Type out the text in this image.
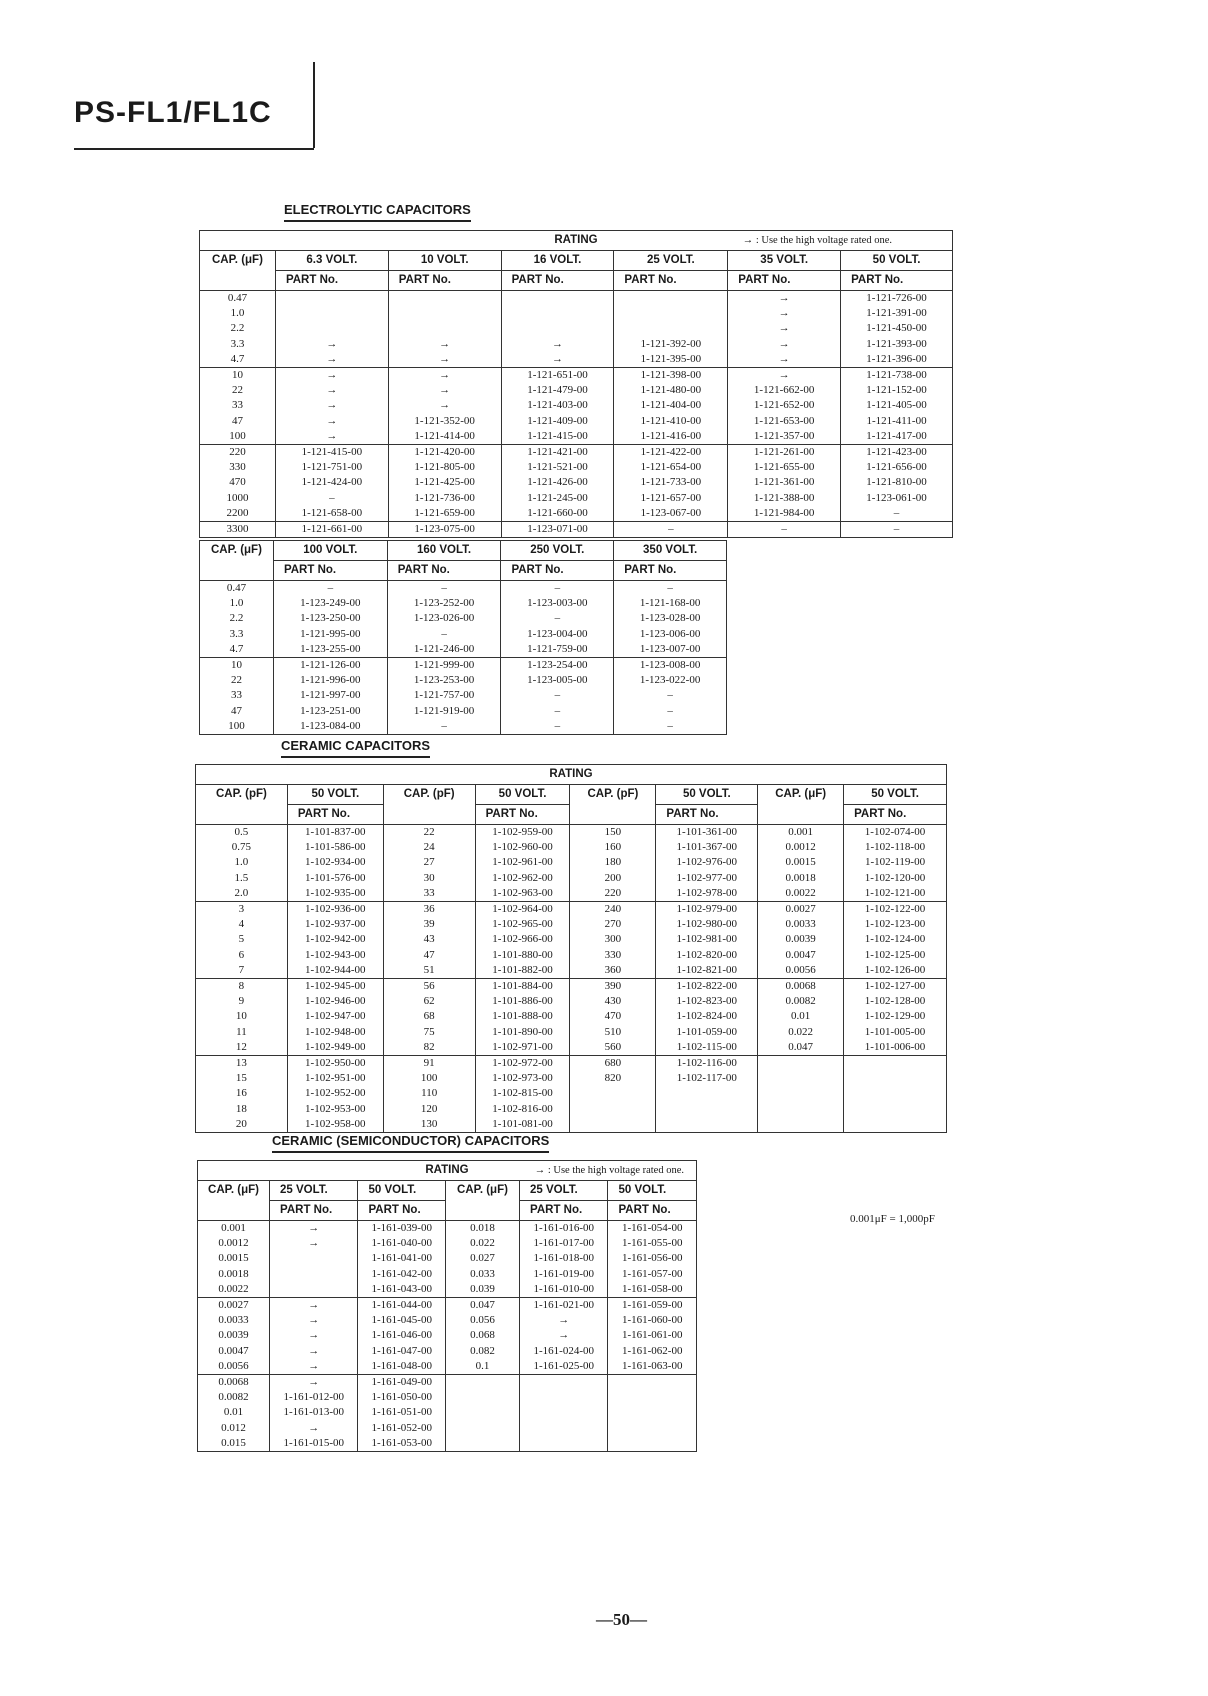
PS-FL1/FL1C
ELECTROLYTIC CAPACITORS
RATING → : Use the high voltage rated one.						

CAP. (μF)	6.3 VOLT.	10 VOLT.	16 VOLT.	25 VOLT.	35 VOLT.	50 VOLT.
	PART No.	PART No.	PART No.	PART No.	PART No.	PART No.
0.47					→	1-121-726-00
1.0					→	1-121-391-00
2.2					→	1-121-450-00
3.3	→	→	→	1-121-392-00	→	1-121-393-00
4.7	→	→	→	1-121-395-00	→	1-121-396-00
10	→	→	1-121-651-00	1-121-398-00	→	1-121-738-00
22	→	→	1-121-479-00	1-121-480-00	1-121-662-00	1-121-152-00
33	→	→	1-121-403-00	1-121-404-00	1-121-652-00	1-121-405-00
47	→	1-121-352-00	1-121-409-00	1-121-410-00	1-121-653-00	1-121-411-00
100	→	1-121-414-00	1-121-415-00	1-121-416-00	1-121-357-00	1-121-417-00
220	1-121-415-00	1-121-420-00	1-121-421-00	1-121-422-00	1-121-261-00	1-121-423-00
330	1-121-751-00	1-121-805-00	1-121-521-00	1-121-654-00	1-121-655-00	1-121-656-00
470	1-121-424-00	1-121-425-00	1-121-426-00	1-121-733-00	1-121-361-00	1-121-810-00
1000	–	1-121-736-00	1-121-245-00	1-121-657-00	1-121-388-00	1-123-061-00
2200	1-121-658-00	1-121-659-00	1-121-660-00	1-123-067-00	1-121-984-00	–
3300	1-121-661-00	1-123-075-00	1-123-071-00	–	–	–
CAP. (μF)	100 VOLT.	160 VOLT.	250 VOLT.	350 VOLT.
	PART No.	PART No.	PART No.	PART No.
0.47	–	–	–	–
1.0	1-123-249-00	1-123-252-00	1-123-003-00	1-121-168-00
2.2	1-123-250-00	1-123-026-00	–	1-123-028-00
3.3	1-121-995-00	–	1-123-004-00	1-123-006-00
4.7	1-123-255-00	1-121-246-00	1-121-759-00	1-123-007-00
10	1-121-126-00	1-121-999-00	1-123-254-00	1-123-008-00
22	1-121-996-00	1-123-253-00	1-123-005-00	1-123-022-00
33	1-121-997-00	1-121-757-00	–	–
47	1-123-251-00	1-121-919-00	–	–
100	1-123-084-00	–	–	–
CERAMIC CAPACITORS
RATING							
CAP. (pF)	50 VOLT.	CAP. (pF)	50 VOLT.	CAP. (pF)	50 VOLT.	CAP. (μF)	50 VOLT.
	PART No.		PART No.		PART No.		PART No.
0.5	1-101-837-00	22	1-102-959-00	150	1-101-361-00	0.001	1-102-074-00
0.75	1-101-586-00	24	1-102-960-00	160	1-101-367-00	0.0012	1-102-118-00
1.0	1-102-934-00	27	1-102-961-00	180	1-102-976-00	0.0015	1-102-119-00
1.5	1-101-576-00	30	1-102-962-00	200	1-102-977-00	0.0018	1-102-120-00
2.0	1-102-935-00	33	1-102-963-00	220	1-102-978-00	0.0022	1-102-121-00
3	1-102-936-00	36	1-102-964-00	240	1-102-979-00	0.0027	1-102-122-00
4	1-102-937-00	39	1-102-965-00	270	1-102-980-00	0.0033	1-102-123-00
5	1-102-942-00	43	1-102-966-00	300	1-102-981-00	0.0039	1-102-124-00
6	1-102-943-00	47	1-101-880-00	330	1-102-820-00	0.0047	1-102-125-00
7	1-102-944-00	51	1-101-882-00	360	1-102-821-00	0.0056	1-102-126-00
8	1-102-945-00	56	1-101-884-00	390	1-102-822-00	0.0068	1-102-127-00
9	1-102-946-00	62	1-101-886-00	430	1-102-823-00	0.0082	1-102-128-00
10	1-102-947-00	68	1-101-888-00	470	1-102-824-00	0.01	1-102-129-00
11	1-102-948-00	75	1-101-890-00	510	1-101-059-00	0.022	1-101-005-00
12	1-102-949-00	82	1-102-971-00	560	1-102-115-00	0.047	1-101-006-00
13	1-102-950-00	91	1-102-972-00	680	1-102-116-00		
15	1-102-951-00	100	1-102-973-00	820	1-102-117-00		
16	1-102-952-00	110	1-102-815-00				
18	1-102-953-00	120	1-102-816-00				
20	1-102-958-00	130	1-101-081-00				
0.001μF = 1,000pF
CERAMIC (SEMICONDUCTOR) CAPACITORS
RATING → : Use the high voltage rated one.					

CAP. (μF)	25 VOLT.	50 VOLT.	CAP. (μF)	25 VOLT.	50 VOLT.
	PART No.	PART No.		PART No.	PART No.
0.001	→	1-161-039-00	0.018	1-161-016-00	1-161-054-00
0.0012	→	1-161-040-00	0.022	1-161-017-00	1-161-055-00
0.0015		1-161-041-00	0.027	1-161-018-00	1-161-056-00
0.0018		1-161-042-00	0.033	1-161-019-00	1-161-057-00
0.0022		1-161-043-00	0.039	1-161-010-00	1-161-058-00
0.0027	→	1-161-044-00	0.047	1-161-021-00	1-161-059-00
0.0033	→	1-161-045-00	0.056	→	1-161-060-00
0.0039	→	1-161-046-00	0.068	→	1-161-061-00
0.0047	→	1-161-047-00	0.082	1-161-024-00	1-161-062-00
0.0056	→	1-161-048-00	0.1	1-161-025-00	1-161-063-00
0.0068	→	1-161-049-00			
0.0082	1-161-012-00	1-161-050-00			
0.01	1-161-013-00	1-161-051-00			
0.012	→	1-161-052-00			
0.015	1-161-015-00	1-161-053-00			
—50—
